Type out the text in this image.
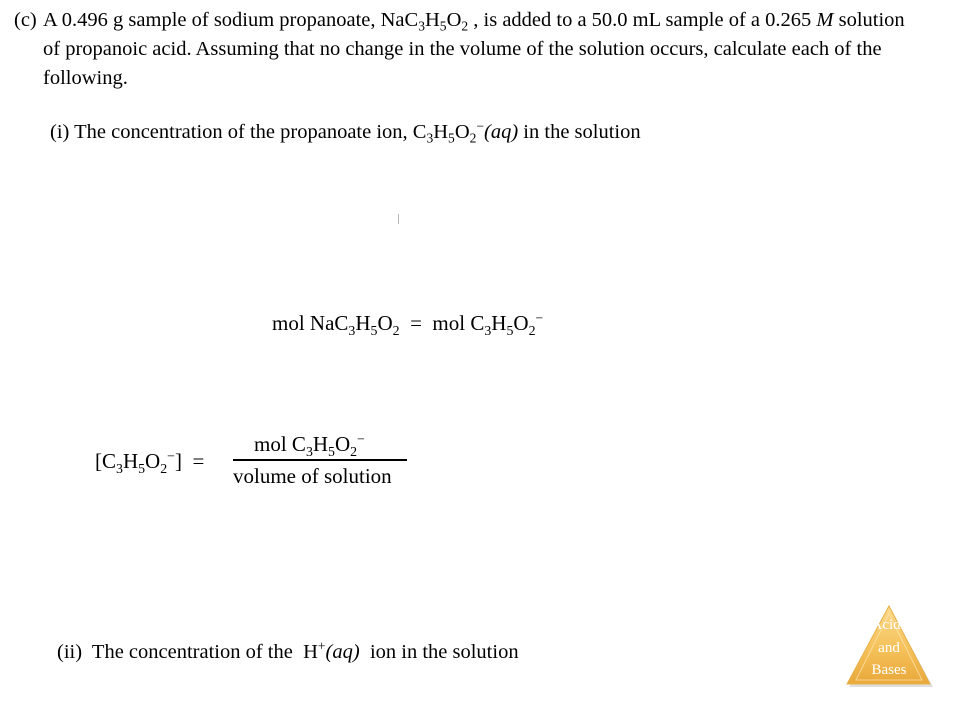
(c) A 0.496 g sample of sodium propanoate, $NaC_3H_5O_2$ , is added to a 50.0 mL sample of a 0.265 M solution
of propanoic acid. Assuming that no change in the volume of the solution occurs, calculate each of the
following.
(i) The concentration of the propanoate ion, $C_3H_5O_2^-(aq)$ in the solution
mol $NaC_3H_5O_2$  =  mol $C_3H_5O_2^-$
$[C_3H_5O_2^-]$  =
mol $C_3H_5O_2^-$
volume of solution
(ii)  The concentration of the  H+(aq)  ion in the solution
Acids
and
Bases
